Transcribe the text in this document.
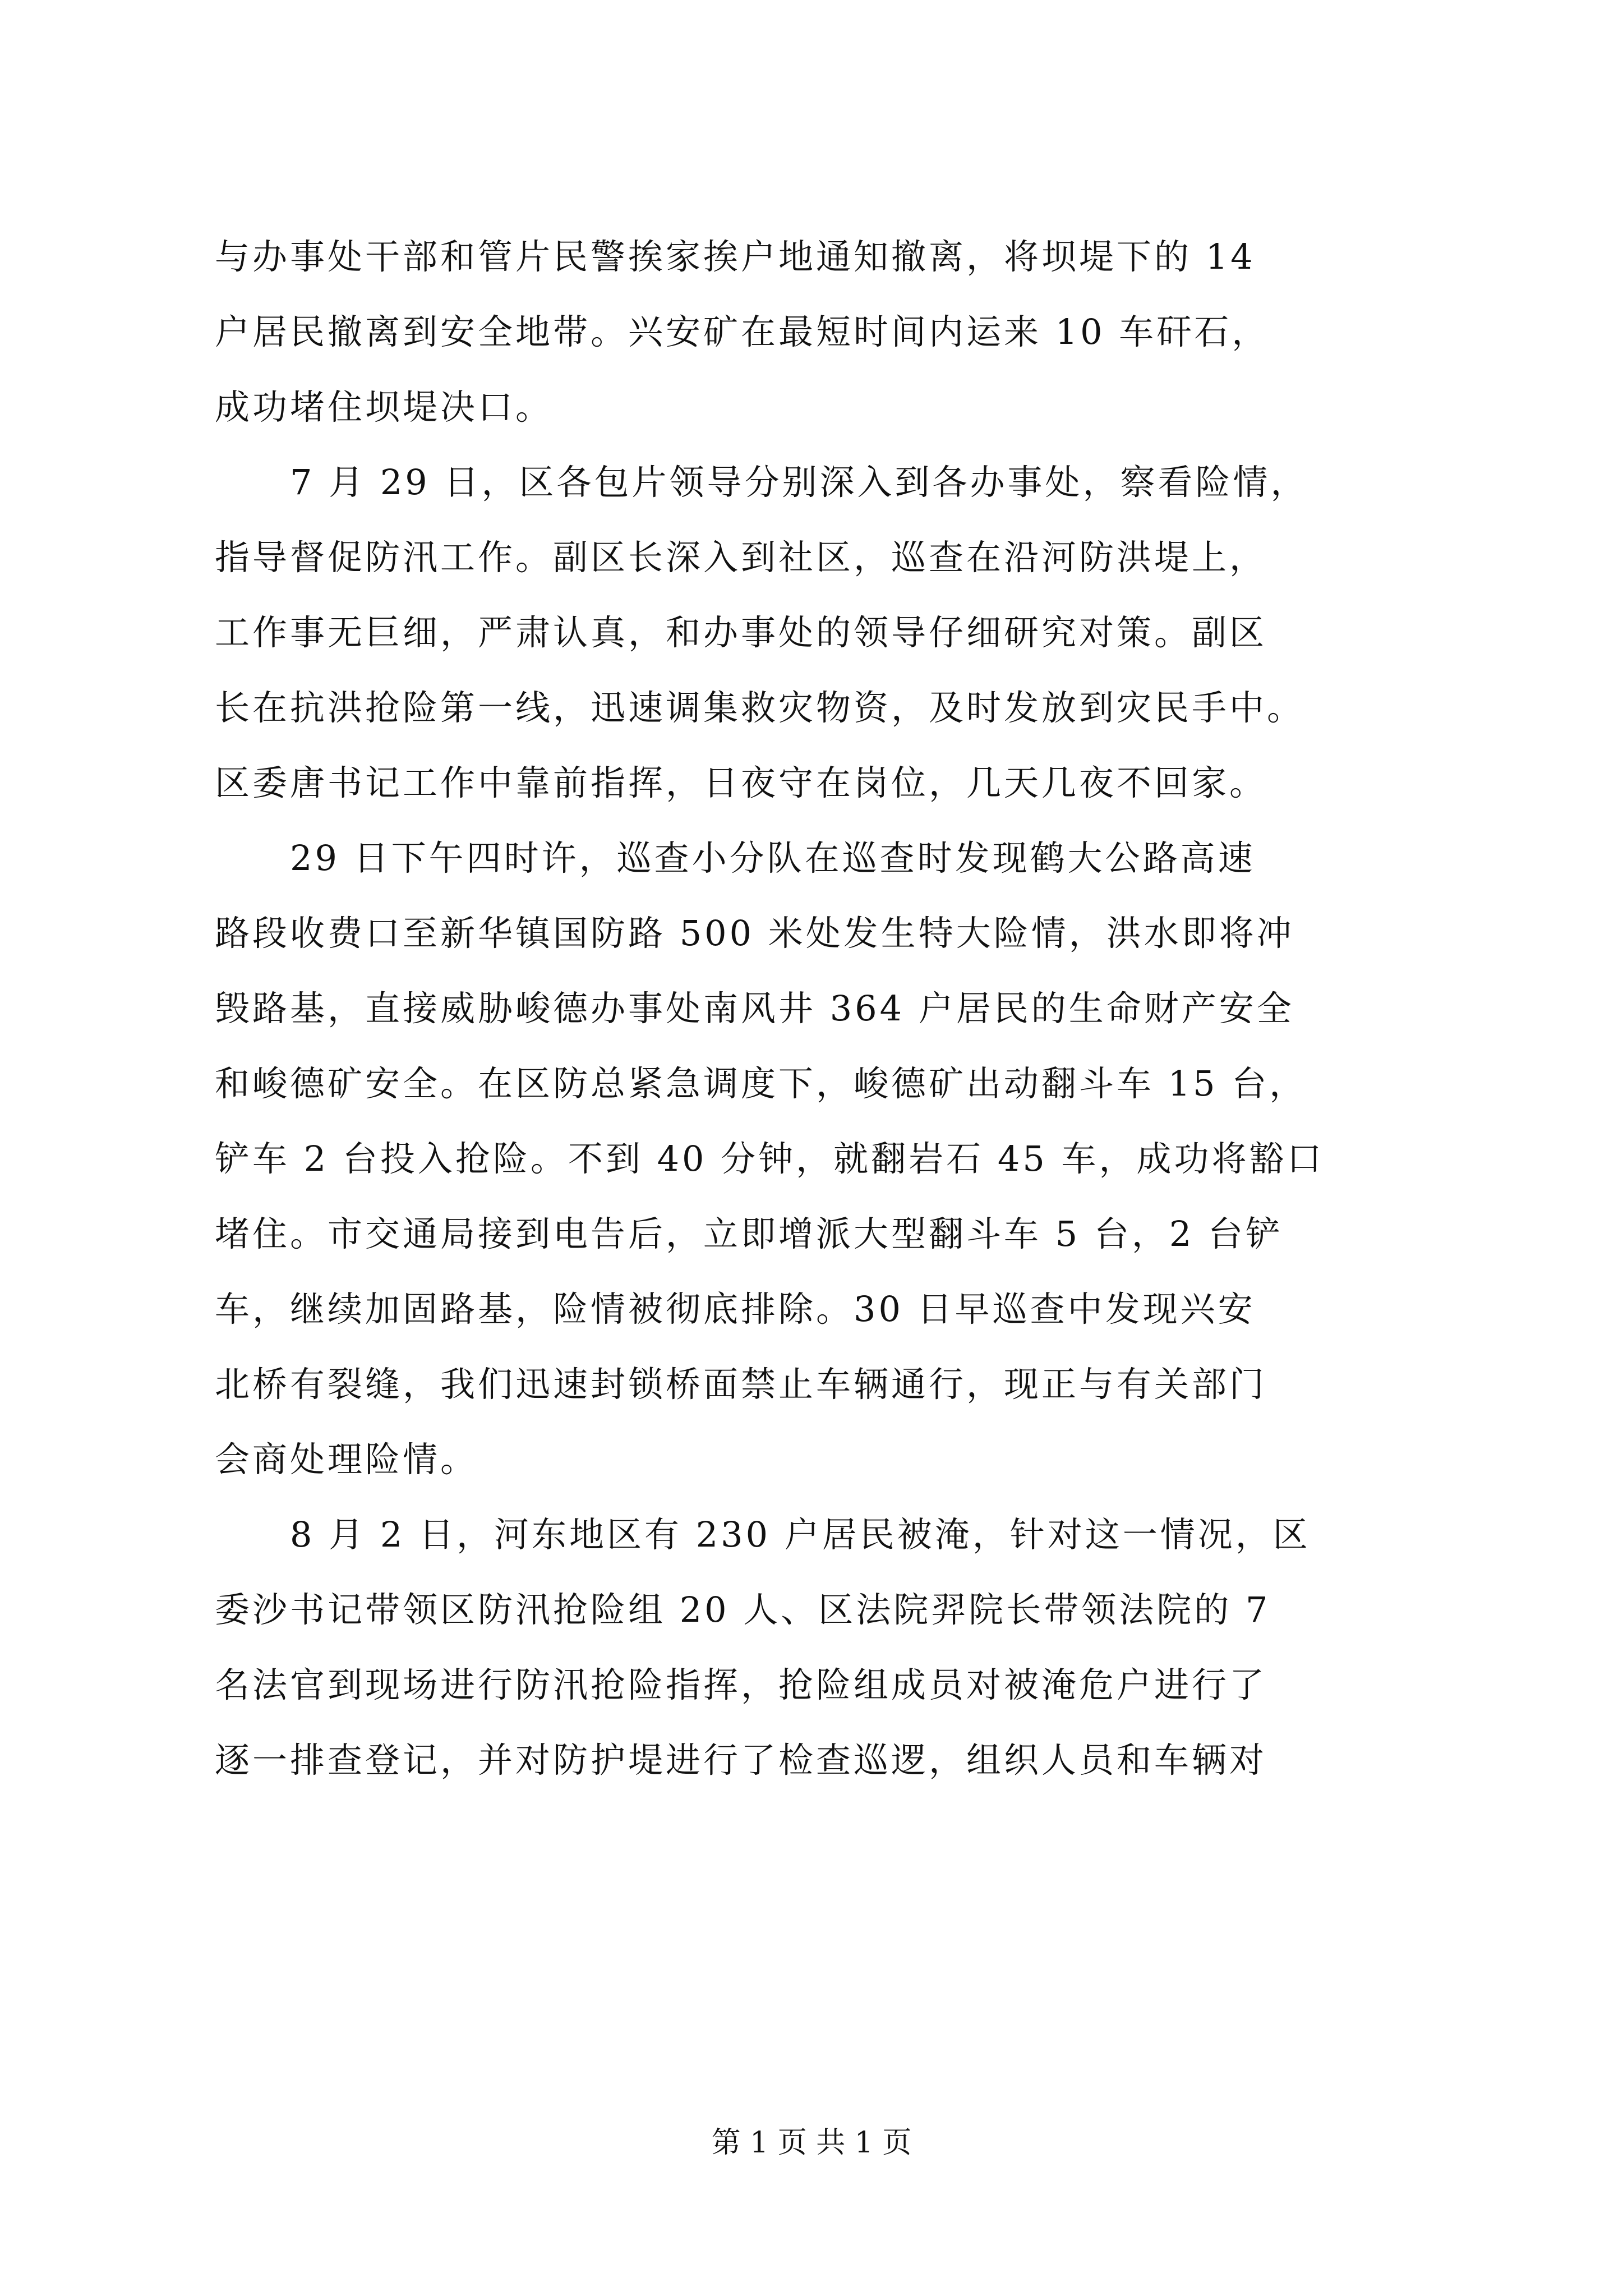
与办事处干部和管片民警挨家挨户地通知撤离，将坝堤下的 14
户居民撤离到安全地带。兴安矿在最短时间内运来 10 车矸石，
成功堵住坝堤决口。
　　7 月 29 日，区各包片领导分别深入到各办事处，察看险情，
指导督促防汛工作。副区长深入到社区，巡查在沿河防洪堤上，
工作事无巨细，严肃认真，和办事处的领导仔细研究对策。副区
长在抗洪抢险第一线，迅速调集救灾物资，及时发放到灾民手中。
区委唐书记工作中靠前指挥，日夜守在岗位，几天几夜不回家。
　　29 日下午四时许，巡查小分队在巡查时发现鹤大公路高速
路段收费口至新华镇国防路 500 米处发生特大险情，洪水即将冲
毁路基，直接威胁峻德办事处南风井 364 户居民的生命财产安全
和峻德矿安全。在区防总紧急调度下，峻德矿出动翻斗车 15 台，
铲车 2 台投入抢险。不到 40 分钟，就翻岩石 45 车，成功将豁口
堵住。市交通局接到电告后，立即增派大型翻斗车 5 台，2 台铲
车，继续加固路基，险情被彻底排除。30 日早巡查中发现兴安
北桥有裂缝，我们迅速封锁桥面禁止车辆通行，现正与有关部门
会商处理险情。
　　8 月 2 日，河东地区有 230 户居民被淹，针对这一情况，区
委沙书记带领区防汛抢险组 20 人、区法院羿院长带领法院的 7
名法官到现场进行防汛抢险指挥，抢险组成员对被淹危户进行了
逐一排查登记，并对防护堤进行了检查巡逻，组织人员和车辆对
第 1 页 共 1 页
